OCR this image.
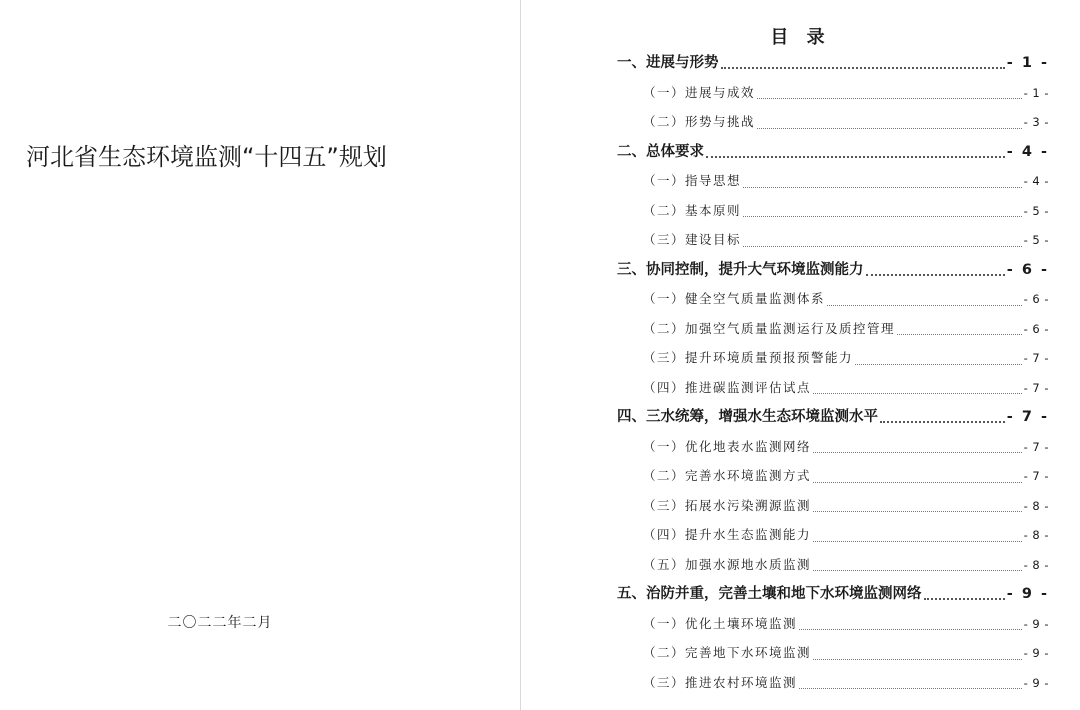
河北省生态环境监测“十四五”规划
二〇二二年二月
目 录
一、进展与形势	- 1 -
（一）进展与成效	- 1 -
（二）形势与挑战	- 3 -
二、总体要求	- 4 -
（一）指导思想	- 4 -
（二）基本原则	- 5 -
（三）建设目标	- 5 -
三、协同控制，提升大气环境监测能力	- 6 -
（一）健全空气质量监测体系	- 6 -
（二）加强空气质量监测运行及质控管理	- 6 -
（三）提升环境质量预报预警能力	- 7 -
（四）推进碳监测评估试点	- 7 -
四、三水统筹，增强水生态环境监测水平	- 7 -
（一）优化地表水监测网络	- 7 -
（二）完善水环境监测方式	- 7 -
（三）拓展水污染溯源监测	- 8 -
（四）提升水生态监测能力	- 8 -
（五）加强水源地水质监测	- 8 -
五、治防并重，完善土壤和地下水环境监测网络	- 9 -
（一）优化土壤环境监测	- 9 -
（二）完善地下水环境监测	- 9 -
（三）推进农村环境监测	- 9 -
